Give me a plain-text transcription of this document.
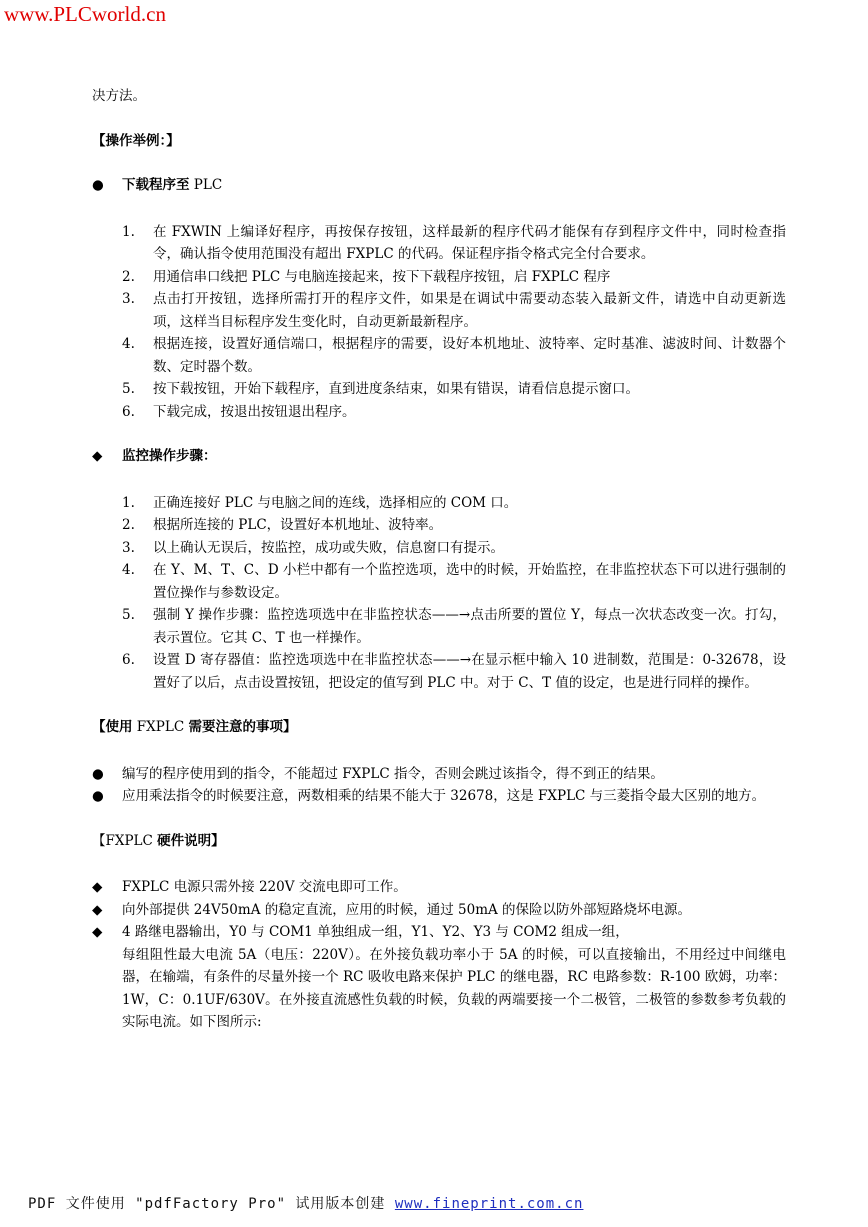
www.PLCworld.cn

决方法。

【操作举例：】

●	下载程序至 PLC
1. 在 FXWIN 上编译好程序，再按保存按钮，这样最新的程序代码才能保有存到程序文件中，同时检查指令，确认指令使用范围没有超出 FXPLC 的代码。保证程序指令格式完全付合要求。
2. 用通信串口线把 PLC 与电脑连接起来，按下下载程序按钮，启 FXPLC 程序
3. 点击打开按钮，选择所需打开的程序文件，如果是在调试中需要动态装入最新文件，请选中自动更新选项，这样当目标程序发生变化时，自动更新最新程序。
4. 根据连接，设置好通信端口，根据程序的需要，设好本机地址、波特率、定时基准、滤波时间、计数器个数、定时器个数。
5. 按下载按钮，开始下载程序，直到进度条结束，如果有错误，请看信息提示窗口。
6. 下载完成，按退出按钮退出程序。
◆	监控操作步骤：
1. 正确连接好 PLC 与电脑之间的连线，选择相应的 COM 口。
2. 根据所连接的 PLC，设置好本机地址、波特率。
3. 以上确认无误后，按监控，成功或失败，信息窗口有提示。
4. 在 Y、M、T、C、D 小栏中都有一个监控选项，选中的时候，开始监控，在非监控状态下可以进行强制的置位操作与参数设定。
5. 强制 Y 操作步骤：监控选项选中在非监控状态——→点击所要的置位 Y，每点一次状态改变一次。打勾，表示置位。它其 C、T 也一样操作。
6. 设置 D 寄存器值：监控选项选中在非监控状态——→在显示框中输入 10 进制数，范围是：0-32678，设置好了以后，点击设置按钮，把设定的值写到 PLC 中。对于 C、T 值的设定，也是进行同样的操作。

【使用 FXPLC 需要注意的事项】

●	编写的程序使用到的指令，不能超过 FXPLC 指令，否则会跳过该指令，得不到正的结果。
●	应用乘法指令的时候要注意，两数相乘的结果不能大于 32678，这是 FXPLC 与三菱指令最大区别的地方。

【FXPLC 硬件说明】

◆	FXPLC 电源只需外接 220V 交流电即可工作。
◆	向外部提供 24V50mA 的稳定直流，应用的时候，通过 50mA 的保险以防外部短路烧坏电源。
◆	4 路继电器输出，Y0 与 COM1 单独组成一组，Y1、Y2、Y3 与 COM2 组成一组，
每组阻性最大电流 5A（电压：220V）。在外接负载功率小于 5A 的时候，可以直接输出，不用经过中间继电器，在输端，有条件的尽量外接一个 RC 吸收电路来保护 PLC 的继电器，RC 电路参数：R-100 欧姆，功率：1W，C：0.1UF/630V。在外接直流感性负载的时候，负载的两端要接一个二极管，二极管的参数参考负载的实际电流。如下图所示:
PDF 文件使用 "pdfFactory Pro" 试用版本创建 www.fineprint.com.cn
